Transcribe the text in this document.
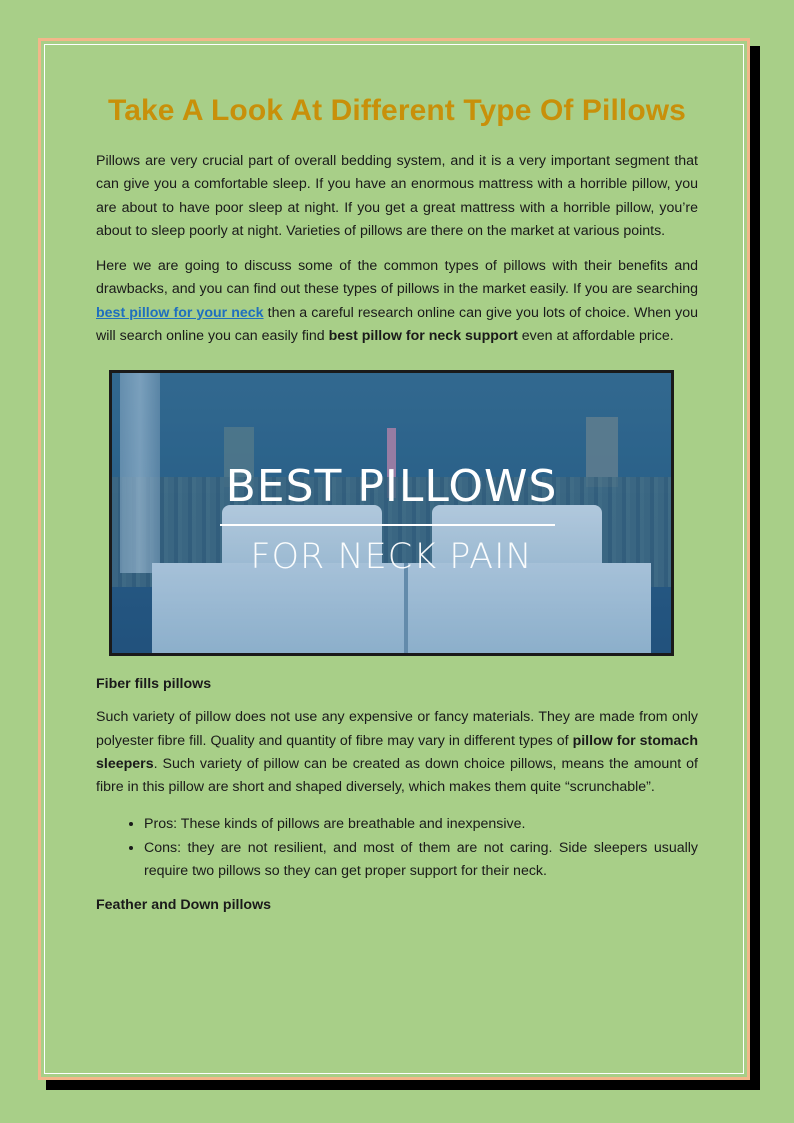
Take A Look At Different Type Of Pillows

Pillows are very crucial part of overall bedding system, and it is a very important segment that can give you a comfortable sleep. If you have an enormous mattress with a horrible pillow, you are about to have poor sleep at night. If you get a great mattress with a horrible pillow, you’re about to sleep poorly at night. Varieties of pillows are there on the market at various points.

Here we are going to discuss some of the common types of pillows with their benefits and drawbacks, and you can find out these types of pillows in the market easily. If you are searching best pillow for your neck then a careful research online can give you lots of choice. When you will search online you can easily find best pillow for neck support even at affordable price.

BEST PILLOWS
FOR NECK PAIN
Fiber fills pillows

Such variety of pillow does not use any expensive or fancy materials. They are made from only polyester fibre fill. Quality and quantity of fibre may vary in different types of pillow for stomach sleepers. Such variety of pillow can be created as down choice pillows, means the amount of fibre in this pillow are short and shaped diversely, which makes them quite “scrunchable”.

• Pros: These kinds of pillows are breathable and inexpensive.
• Cons: they are not resilient, and most of them are not caring. Side sleepers usually require two pillows so they can get proper support for their neck.
Feather and Down pillows
